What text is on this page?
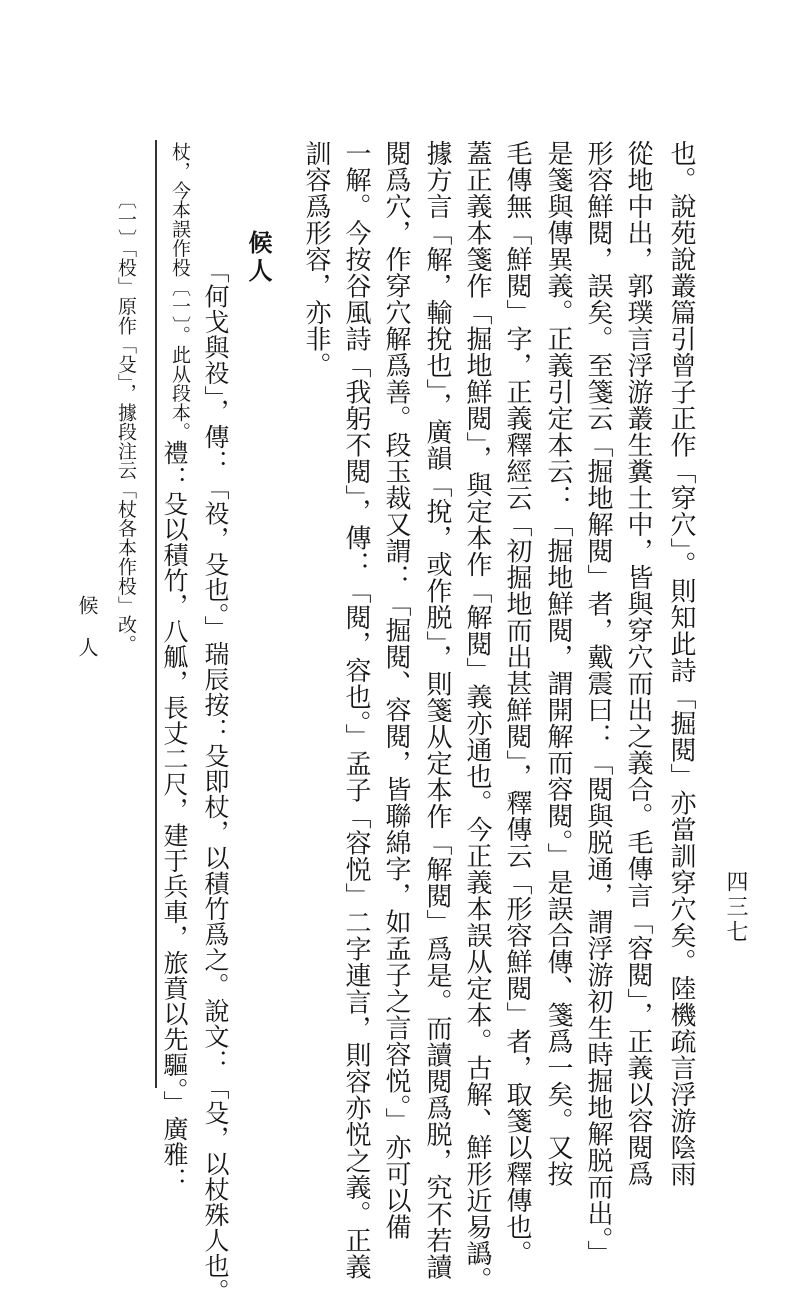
四三七
也。說苑說叢篇引曾子正作「穿穴」。則知此詩「掘閱」亦當訓穿穴矣。陸機疏言浮游陰雨
從地中出，郭璞言浮游叢生糞土中，皆與穿穴而出之義合。毛傳言「容閱」，正義以容閱爲
形容鮮閱，誤矣。至箋云「掘地解閱」者，戴震曰：「閱與脱通，謂浮游初生時掘地解脱而出。」
是箋與傳異義。正義引定本云：「掘地鮮閱，謂開解而容閱。」是誤合傳、箋爲一矣。又按
毛傳無「鮮閱」字，正義釋經云「初掘地而出甚鮮閱」，釋傳云「形容鮮閱」者，取箋以釋傳也。
蓋正義本箋作「掘地鮮閱」，與定本作「解閱」義亦通也。今正義本誤从定本。古解、鮮形近易譌。
據方言「解，輸挩也」，廣韻「挩，或作脱」，則箋从定本作「解閱」爲是。而讀閱爲脱，究不若讀
閱爲穴，作穿穴解爲善。段玉裁又謂：「掘閱、容閱，皆聯綿字，如孟子之言容悦。」亦可以備
一解。今按谷風詩「我躬不閱」，傳：「閱，容也。」孟子「容悦」二字連言，則容亦悦之義。正義
訓容爲形容，亦非。
候人
「何戈與祋」，傳：「祋，殳也。」瑞辰按：殳即杖，以積竹爲之。說文：「殳，以杖殊人也。
杖，今本誤作杸〔一〕。此从段本。
禮：殳以積竹，八觚，長丈二尺，建于兵車，旅賁以先驅。」廣雅：
〔一〕「杸」原作「殳」，據段注云「杖各本作杸」改。
候人
